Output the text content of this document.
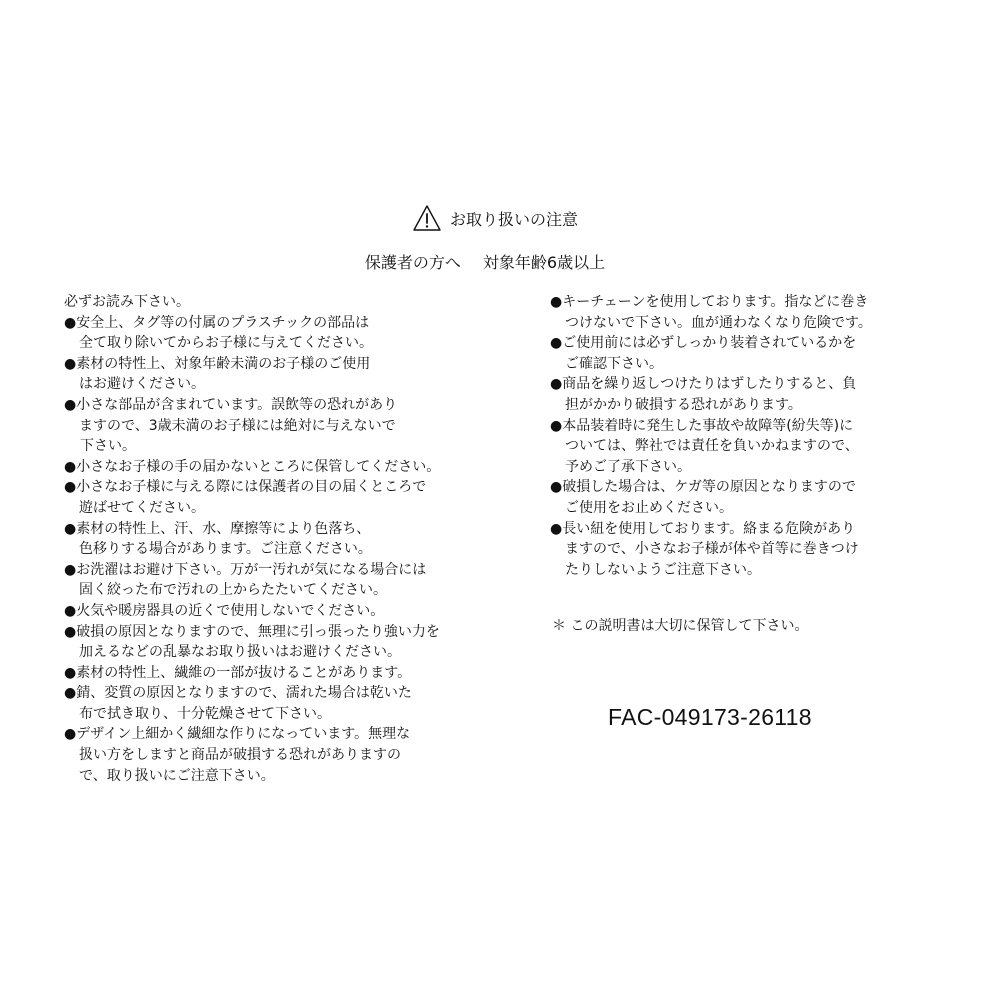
お取り扱いの注意
保護者の方へ 対象年齢6歳以上
必ずお読み下さい。
●安全上、タグ等の付属のプラスチックの部品は
全て取り除いてからお子様に与えてください。
●素材の特性上、対象年齢未満のお子様のご使用
はお避けください。
●小さな部品が含まれています。誤飲等の恐れがあり
ますので、3歳未満のお子様には絶対に与えないで
下さい。
●小さなお子様の手の届かないところに保管してください。
●小さなお子様に与える際には保護者の目の届くところで
遊ばせてください。
●素材の特性上、汗、水、摩擦等により色落ち、
色移りする場合があります。ご注意ください。
●お洗濯はお避け下さい。万が一汚れが気になる場合には
固く絞った布で汚れの上からたたいてください。
●火気や暖房器具の近くで使用しないでください。
●破損の原因となりますので、無理に引っ張ったり強い力を
加えるなどの乱暴なお取り扱いはお避けください。
●素材の特性上、繊維の一部が抜けることがあります。
●錆、変質の原因となりますので、濡れた場合は乾いた
布で拭き取り、十分乾燥させて下さい。
●デザイン上細かく繊細な作りになっています。無理な
扱い方をしますと商品が破損する恐れがありますの
で、取り扱いにご注意下さい。
●キーチェーンを使用しております。指などに巻き
つけないで下さい。血が通わなくなり危険です。
●ご使用前には必ずしっかり装着されているかを
ご確認下さい。
●商品を繰り返しつけたりはずしたりすると、負
担がかかり破損する恐れがあります。
●本品装着時に発生した事故や故障等(紛失等)に
ついては、弊社では責任を負いかねますので、
予めご了承下さい。
●破損した場合は、ケガ等の原因となりますので
ご使用をお止めください。
●長い紐を使用しております。絡まる危険があり
ますので、小さなお子様が体や首等に巻きつけ
たりしないようご注意下さい。
＊ この説明書は大切に保管して下さい。
FAC-049173-26118
